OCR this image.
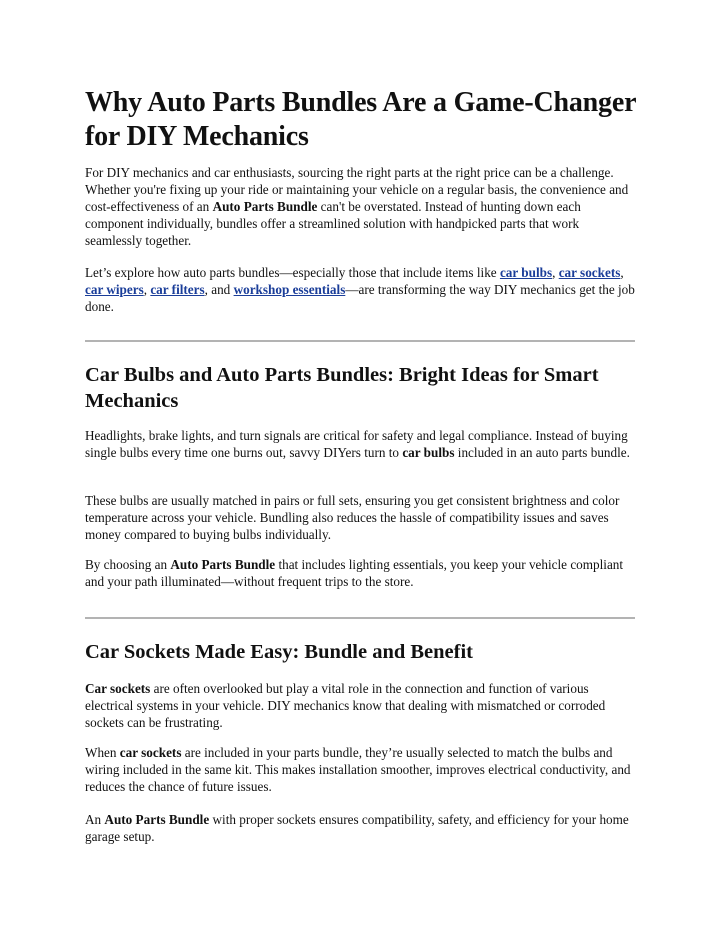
Why Auto Parts Bundles Are a Game-Changer for DIY Mechanics

For DIY mechanics and car enthusiasts, sourcing the right parts at the right price can be a challenge. Whether you're fixing up your ride or maintaining your vehicle on a regular basis, the convenience and cost-effectiveness of an Auto Parts Bundle can't be overstated. Instead of hunting down each component individually, bundles offer a streamlined solution with handpicked parts that work seamlessly together.

Let’s explore how auto parts bundles—especially those that include items like car bulbs, car sockets, car wipers, car filters, and workshop essentials—are transforming the way DIY mechanics get the job done.

Car Bulbs and Auto Parts Bundles: Bright Ideas for Smart Mechanics

Headlights, brake lights, and turn signals are critical for safety and legal compliance. Instead of buying single bulbs every time one burns out, savvy DIYers turn to car bulbs included in an auto parts bundle.

These bulbs are usually matched in pairs or full sets, ensuring you get consistent brightness and color temperature across your vehicle. Bundling also reduces the hassle of compatibility issues and saves money compared to buying bulbs individually.

By choosing an Auto Parts Bundle that includes lighting essentials, you keep your vehicle compliant and your path illuminated—without frequent trips to the store.

Car Sockets Made Easy: Bundle and Benefit

Car sockets are often overlooked but play a vital role in the connection and function of various electrical systems in your vehicle. DIY mechanics know that dealing with mismatched or corroded sockets can be frustrating.

When car sockets are included in your parts bundle, they’re usually selected to match the bulbs and wiring included in the same kit. This makes installation smoother, improves electrical conductivity, and reduces the chance of future issues.

An Auto Parts Bundle with proper sockets ensures compatibility, safety, and efficiency for your home garage setup.
